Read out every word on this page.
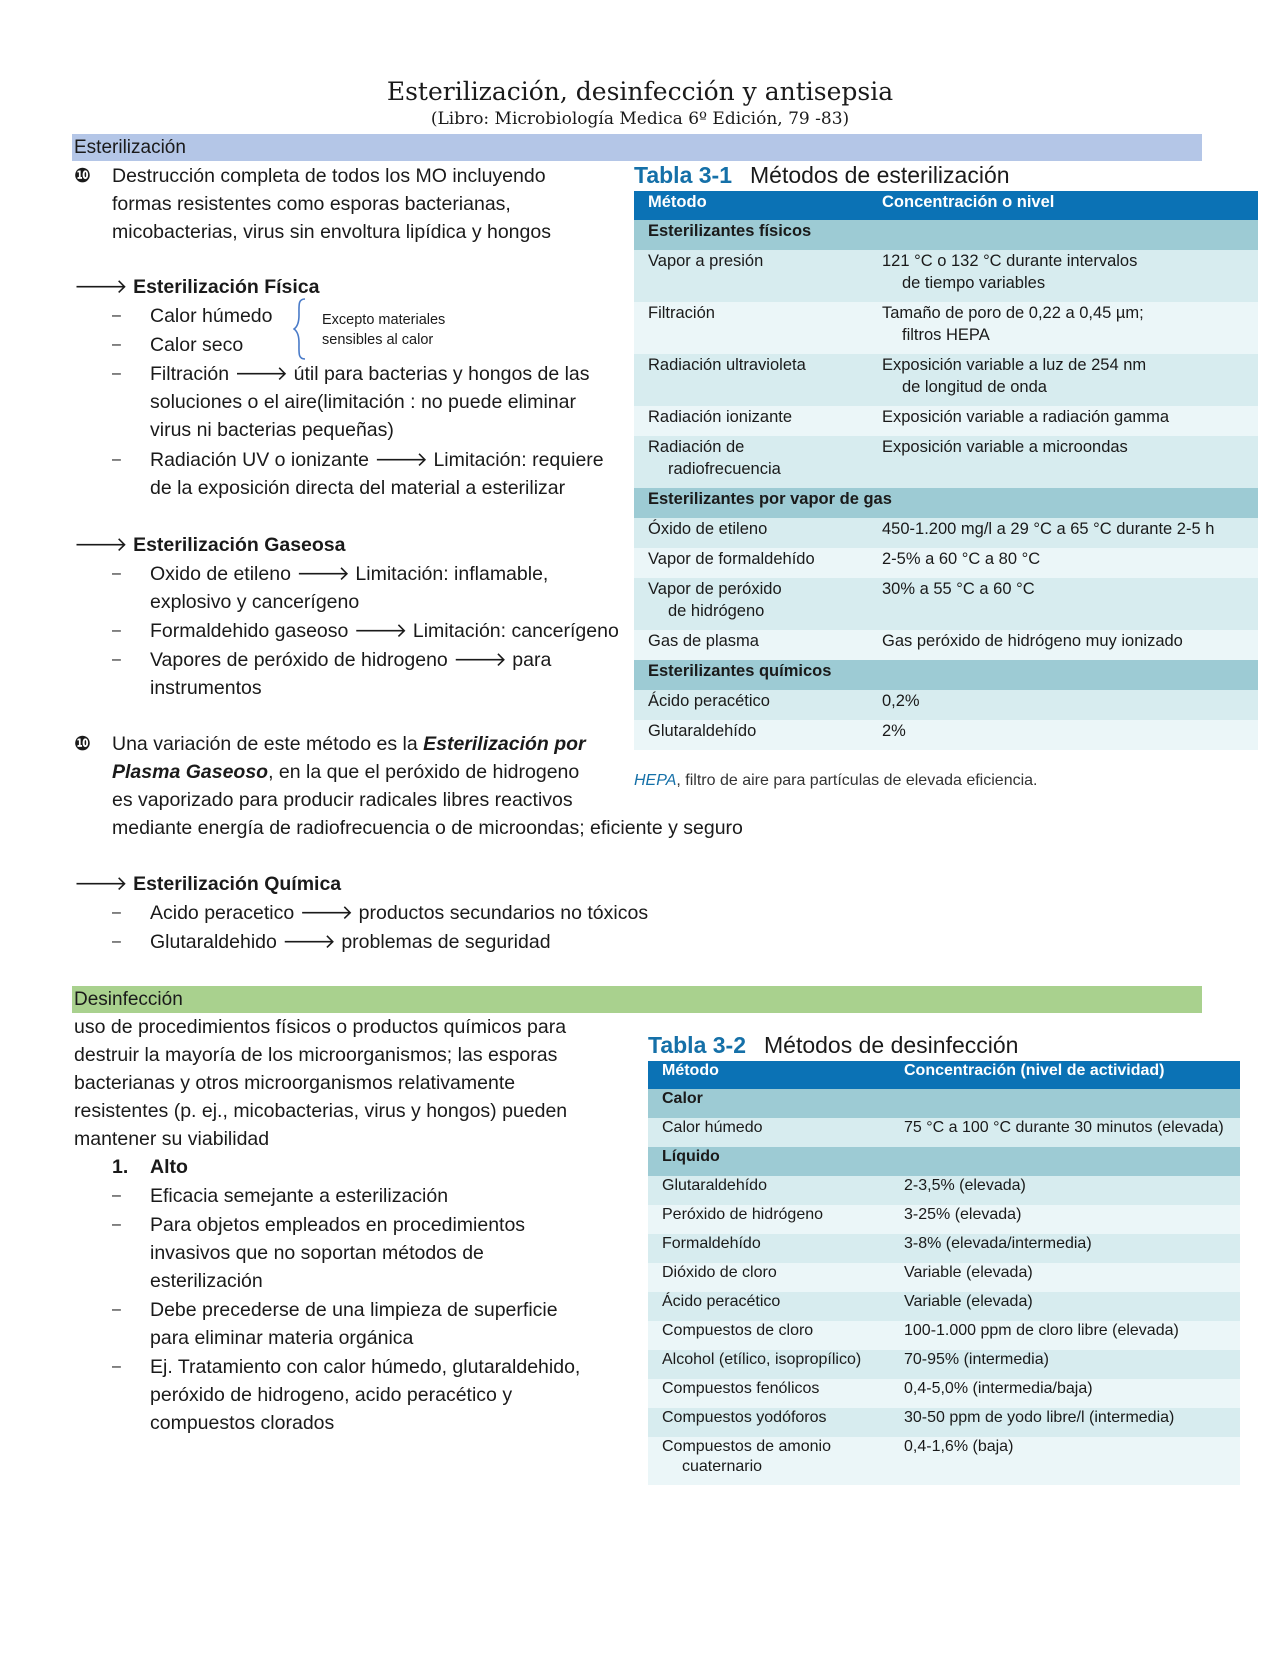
Esterilización, desinfección y antisepsia
(Libro: Microbiología Medica 6º Edición, 79 -83)
Esterilización
❿ Destrucción completa de todos los MO incluyendo
formas resistentes como esporas bacterianas,
micobacterias, virus sin envoltura lipídica y hongos
🡒 Esterilización Física
– Calor húmedo
– Calor seco
Excepto materiales
sensibles al calor
– Filtración 🡒 útil para bacterias y hongos de las
soluciones o el aire(limitación : no puede eliminar
virus ni bacterias pequeñas)
– Radiación UV o ionizante 🡒 Limitación: requiere
de la exposición directa del material a esterilizar
🡒 Esterilización Gaseosa
– Oxido de etileno 🡒 Limitación: inflamable,
explosivo y cancerígeno
– Formaldehido gaseoso 🡒 Limitación: cancerígeno
– Vapores de peróxido de hidrogeno 🡒 para
instrumentos
❿ Una variación de este método es la Esterilización por
Plasma Gaseoso, en la que el peróxido de hidrogeno
es vaporizado para producir radicales libres reactivos
mediante energía de radiofrecuencia o de microondas; eficiente y seguro
🡒 Esterilización Química
– Acido peracetico 🡒 productos secundarios no tóxicos
– Glutaraldehido 🡒 problemas de seguridad
Tabla 3-1 Métodos de esterilización
Método	Concentración o nivel
Esterilizantes físicos	
Vapor a presión	121 °C o 132 °C durante intervalos
de tiempo variables

Filtración	Tamaño de poro de 0,22 a 0,45 µm;
filtros HEPA

Radiación ultravioleta	Exposición variable a luz de 254 nm
de longitud de onda

Radiación ionizante	Exposición variable a radiación gamma

Radiación de
radiofrecuencia	Exposición variable a microondas
Esterilizantes por vapor de gas	
Óxido de etileno	450-1.200 mg/l a 29 °C a 65 °C durante 2-5 h
Vapor de formaldehído	2-5% a 60 °C a 80 °C

Vapor de peróxido
de hidrógeno	30% a 55 °C a 60 °C
Gas de plasma	Gas peróxido de hidrógeno muy ionizado
Esterilizantes químicos	
Ácido peracético	0,2%
Glutaraldehído	2%
HEPA, filtro de aire para partículas de elevada eficiencia.
Desinfección
uso de procedimientos físicos o productos químicos para
destruir la mayoría de los microorganismos; las esporas
bacterianas y otros microorganismos relativamente
resistentes (p. ej., micobacterias, virus y hongos) pueden
mantener su viabilidad
1. Alto
– Eficacia semejante a esterilización
– Para objetos empleados en procedimientos
invasivos que no soportan métodos de
esterilización
– Debe precederse de una limpieza de superficie
para eliminar materia orgánica
– Ej. Tratamiento con calor húmedo, glutaraldehido,
peróxido de hidrogeno, acido peracético y
compuestos clorados
Tabla 3-2 Métodos de desinfección
Método	Concentración (nivel de actividad)
Calor	
Calor húmedo	75 °C a 100 °C durante 30 minutos (elevada)
Líquido	
Glutaraldehído	2-3,5% (elevada)
Peróxido de hidrógeno	3-25% (elevada)
Formaldehído	3-8% (elevada/intermedia)
Dióxido de cloro	Variable (elevada)
Ácido peracético	Variable (elevada)
Compuestos de cloro	100-1.000 ppm de cloro libre (elevada)
Alcohol (etílico, isopropílico)	70-95% (intermedia)
Compuestos fenólicos	0,4-5,0% (intermedia/baja)
Compuestos yodóforos	30-50 ppm de yodo libre/l (intermedia)

Compuestos de amonio
cuaternario	0,4-1,6% (baja)
